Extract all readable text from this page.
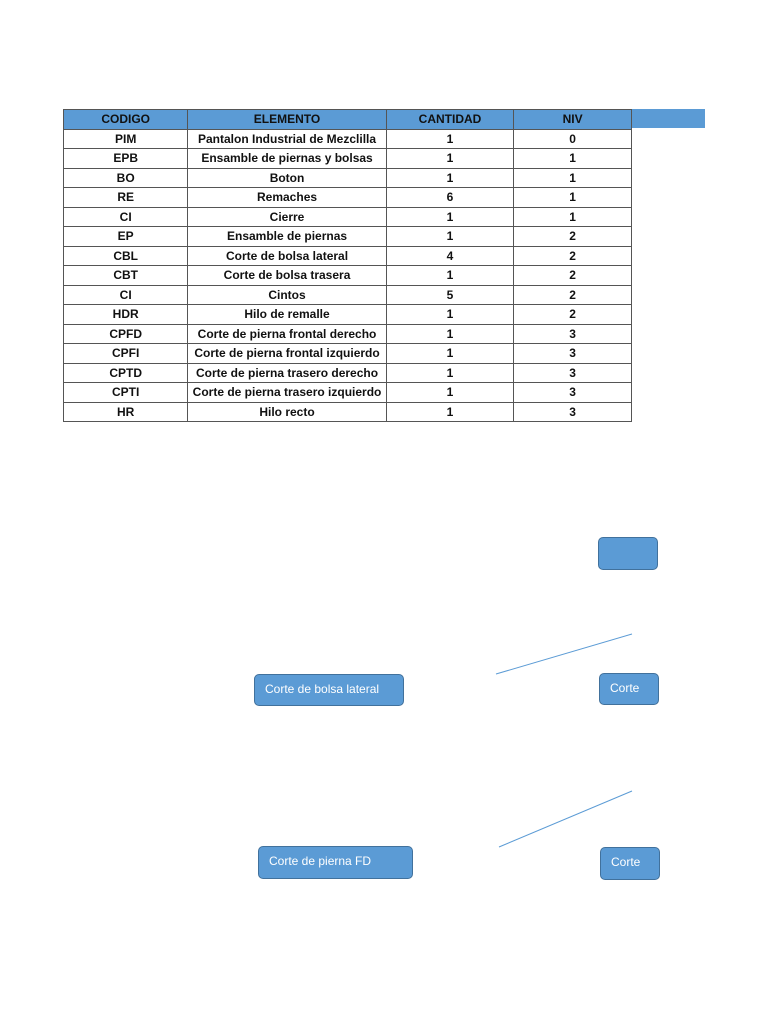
CODIGO	ELEMENTO	CANTIDAD	NIV
PIM	Pantalon Industrial de Mezclilla	1	0
EPB	Ensamble de piernas y bolsas	1	1
BO	Boton	1	1
RE	Remaches	6	1
CI	Cierre	1	1
EP	Ensamble de piernas	1	2
CBL	Corte de bolsa lateral	4	2
CBT	Corte de bolsa trasera	1	2
CI	Cintos	5	2
HDR	Hilo de remalle	1	2
CPFD	Corte de pierna frontal derecho	1	3
CPFI	Corte de pierna frontal izquierdo	1	3
CPTD	Corte de pierna trasero derecho	1	3
CPTI	Corte de pierna trasero izquierdo	1	3
HR	Hilo recto	1	3
Corte de bolsa lateral	Corte
Corte de pierna FD	Corte
